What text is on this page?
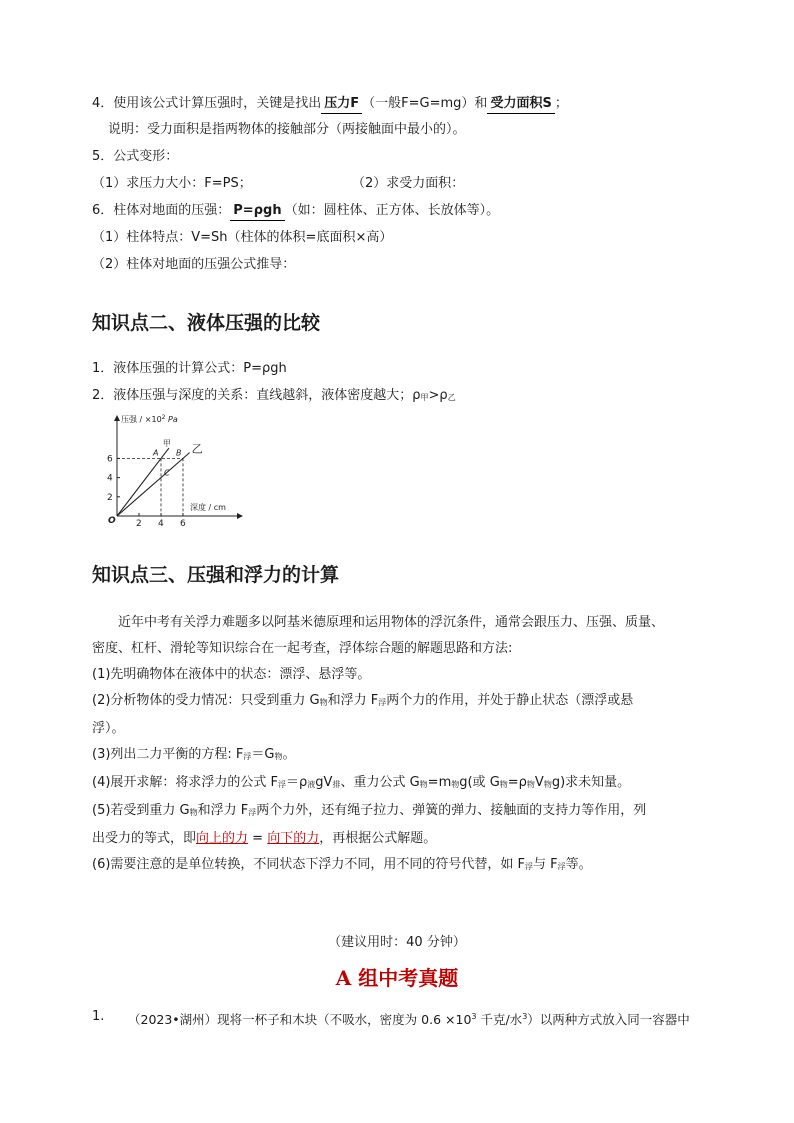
4．使用该公式计算压强时，关键是找出 压力F （一般F=G=mg）和 受力面积S ；
说明：受力面积是指两物体的接触部分（两接触面中最小的）。
5．公式变形：
（1）求压力大小：F=PS；	（2）求受力面积：
6．柱体对地面的压强： P=ρgh （如：圆柱体、正方体、长放体等）。
（1）柱体特点：V=Sh（柱体的体积=底面积×高）
（2）柱体对地面的压强公式推导：
知识点二、液体压强的比较
1．液体压强的计算公式：P=ρgh
2．液体压强与深度的关系：直线越斜，液体密度越大；ρ甲>ρ乙
压强 / $\times 10^2$ Pa
深度 / cm
O 2 4 6
2
4
6
甲 乙
A B
C
知识点三、压强和浮力的计算
近年中考有关浮力难题多以阿基米德原理和运用物体的浮沉条件，通常会跟压力、压强、质量、
密度、杠杆、滑轮等知识综合在一起考查，浮体综合题的解题思路和方法:
(1)先明确物体在液体中的状态：漂浮、悬浮等。
(2)分析物体的受力情况：只受到重力 G物和浮力 F浮两个力的作用，并处于静止状态（漂浮或悬
浮）。
(3)列出二力平衡的方程: F浮＝G物。
(4)展开求解：将求浮力的公式 F浮＝ρ液gV排、重力公式 G物=m物g(或 G物=ρ物V物g)求未知量。
(5)若受到重力 G物和浮力 F浮两个力外，还有绳子拉力、弹簧的弹力、接触面的支持力等作用，列
出受力的等式，即向上的力 = 向下的力，再根据公式解题。
(6)需要注意的是单位转换，不同状态下浮力不同，用不同的符号代替，如 F浮与 F浮等。
（建议用时：40 分钟）
A 组中考真题
1. （2023•湖州）现将一杯子和木块（不吸水，密度为 $0.6 \times 10^3$ 千克/水$^3$）以两种方式放入同一容器中
